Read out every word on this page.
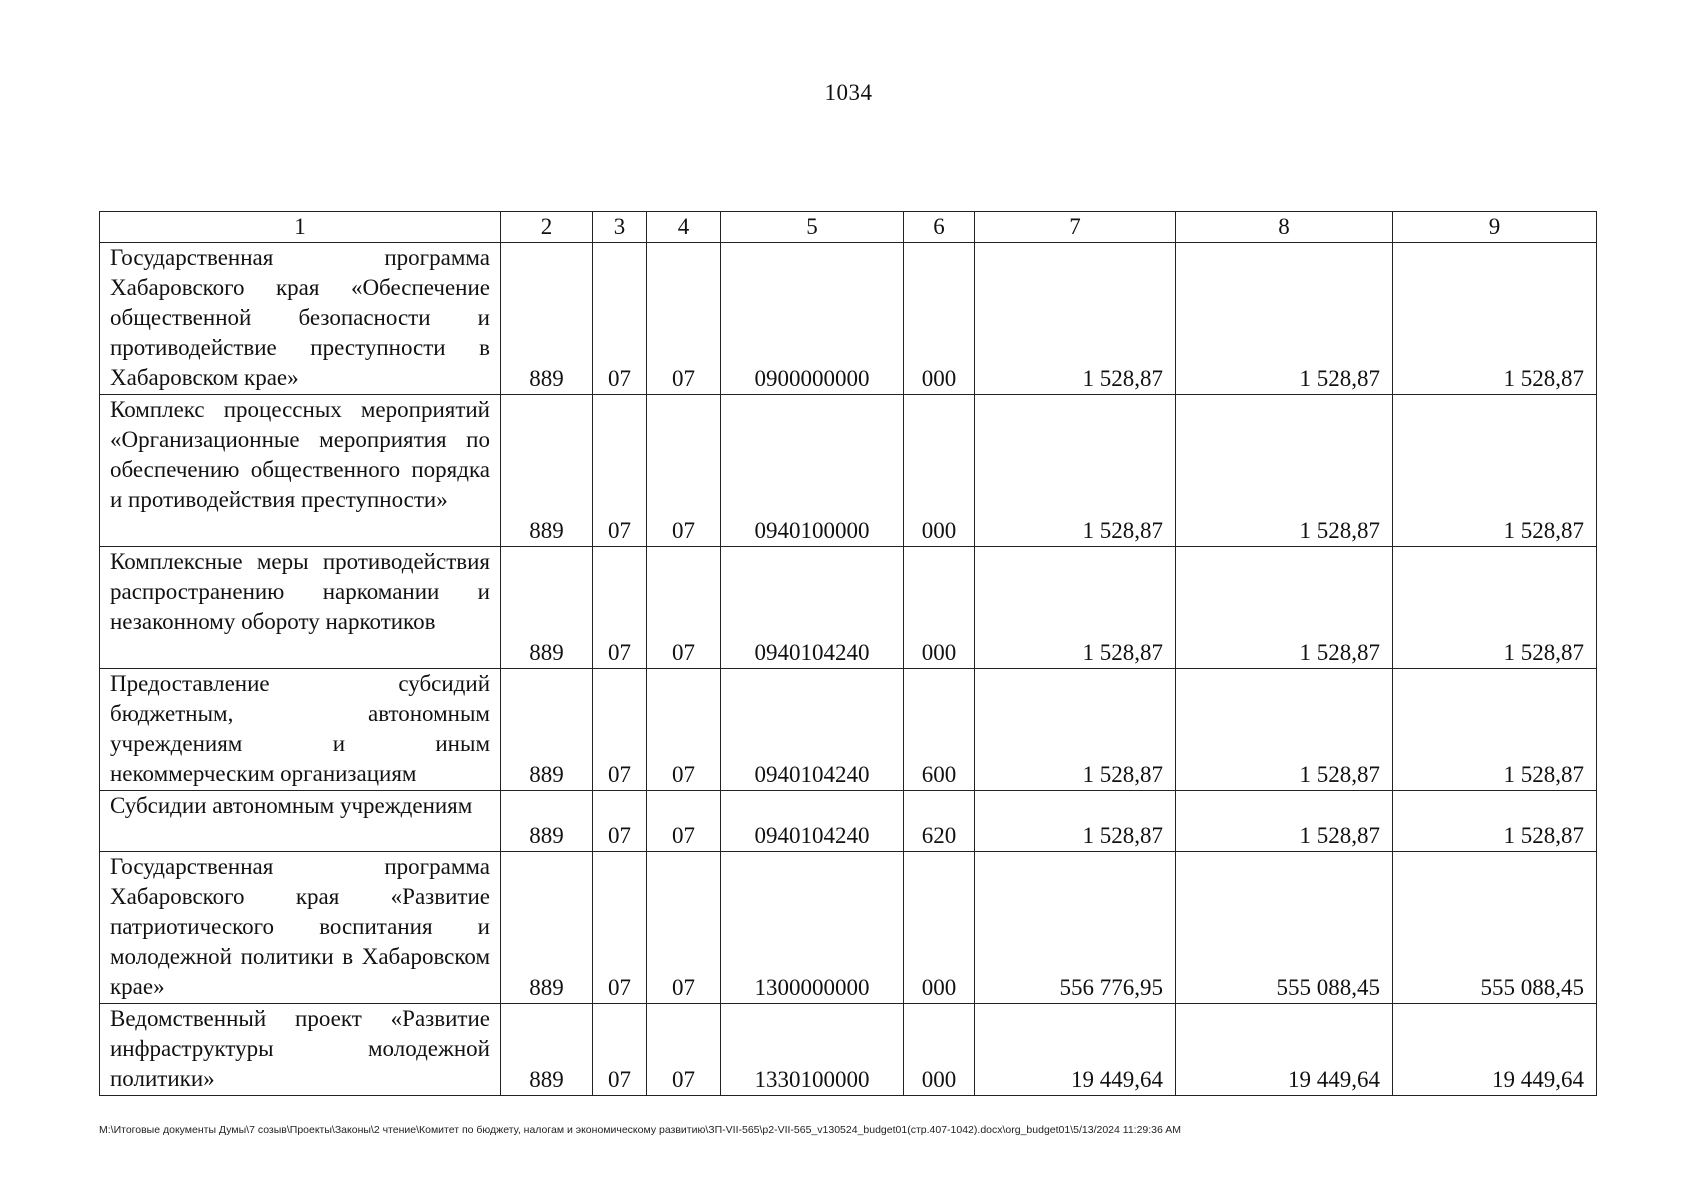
1034
1	2	3	4	5	6	7	8	9
Государственная программа Хабаровского края «Обеспечение общественной безопасности и противодействие преступности в Хабаровском крае»	889	07	07	0900000000	000	1 528,87	1 528,87	1 528,87
Комплекс процессных мероприятий «Организационные мероприятия по обеспечению общественного порядка и противодействия преступности»	889	07	07	0940100000	000	1 528,87	1 528,87	1 528,87
Комплексные меры противодействия распространению наркомании и незаконному обороту наркотиков	889	07	07	0940104240	000	1 528,87	1 528,87	1 528,87
Предоставление субсидий бюджетным, автономным учреждениям и иным некоммерческим организациям	889	07	07	0940104240	600	1 528,87	1 528,87	1 528,87
Субсидии автономным учреждениям	889	07	07	0940104240	620	1 528,87	1 528,87	1 528,87
Государственная программа Хабаровского края «Развитие патриотического воспитания и молодежной политики в Хабаровском крае»	889	07	07	1300000000	000	556 776,95	555 088,45	555 088,45
Ведомственный проект «Развитие инфраструктуры молодежной политики»	889	07	07	1330100000	000	19 449,64	19 449,64	19 449,64
M:\Итоговые документы Думы\7 созыв\Проекты\Законы\2 чтение\Комитет по бюджету, налогам и экономическому развитию\ЗП-VII-565\р2-VII-565_v130524_budget01(стр.407-1042).docx\org_budget01\5/13/2024 11:29:36 AM
